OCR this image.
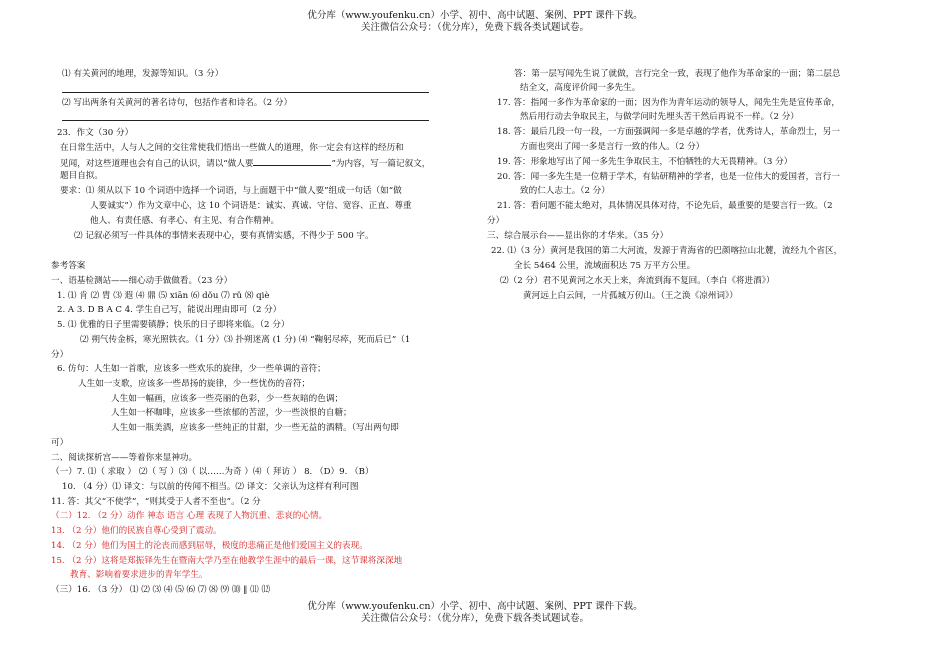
优分库（www.youfenku.cn）小学、初中、高中试题、案例、PPT 课件下载。
关注微信公众号：（优分库），免费下载各类试题试卷。
⑴ 有关黄河的地理，发源等知识。（3 分）
⑵ 写出两条有关黄河的著名诗句，包括作者和诗名。（2 分）
23．作文（30 分）
在日常生活中，人与人之间的交往常使我们悟出一些做人的道理，你一定会有这样的经历和
见闻，对这些道理也会有自己的认识，请以“做人要	”为内容，写一篇记叙文，
题目自拟。
要求：⑴ 须从以下 10 个词语中选择一个词语，与上面题干中“做人要”组成一句话（如“做
人要诚实”）作为文章中心，这 10 个词语是：诚实、真诚、守信、宽容、正直、尊重
他人、有责任感、有孝心、有主见、有合作精神。
⑵ 记叙必须写一件具体的事情来表现中心，要有真情实感，不得少于 500 字。
参考答案
一、语基检测站——细心动手做做看。（23 分）
1. ⑴ 肯 ⑵ 胄 ⑶ 遐 ⑷ 鼎 ⑸ xiān ⑹ dǒu ⑺ rǔ ⑻ qiè
2. A 3. D B A C 4. 学生自己写，能说出理由即可（2 分）
5. ⑴ 优雅的日子里需要镇静；快乐的日子即将来临。（2 分）
⑵ 朔气传金柝，寒光照铁衣。（1 分）⑶ 扑朔迷离 (1 分) ⑷ “鞠躬尽瘁，死而后已”（1
分）
6. 仿句：人生如一首歌，应该多一些欢乐的旋律，少一些单调的音符；
人生如一支歌，应该多一些昂扬的旋律，少一些忧伤的音符；
人生如一幅画，应该多一些亮丽的色彩，少一些灰暗的色调；
人生如一杯咖啡，应该多一些浓郁的苦涩，少一些淡恨的自糖；
人生如一瓶美酒，应该多一些纯正的甘甜，少一些无益的酒精。（写出两句即
可）
二、阅读探析宫——等着你来显神功。
（一）7. ⑴（ 求取 ） ⑵（ 写 ）⑶（ 以……为奇 ）⑷（ 拜访 ） 8. （D）9. （B）
10. （4 分）⑴ 译文：与以前的传闻不相当。⑵ 译文：父亲认为这样有利可图
11. 答：其父“不使学”，“则其受于人者不至也”。（2 分
（二）12. （2 分）动作 神态 语言 心理 表现了人物沉重、悲哀的心情。
13. （2 分）他们的民族自尊心受到了震动。
14. （2 分）他们为国土的沦丧而感到屈辱，极度的悲痛正是他们爱国主义的表现。
15. （2 分）这将是郑振铎先生在暨南大学乃至在他教学生涯中的最后一课，这节课将深深地
教育、影响着要求进步的青年学生。
（三）16. （3 分） ⑴ ⑵ ⑶ ⑷ ⑸ ⑹ ⑺ ⑻ ⑼ ⑽ ‖ ⑾ ⑿
答：第一层写闻先生说了就做，言行完全一致，表现了他作为革命家的一面；第二层总
结全文，高度评价闻一多先生。
17. 答：指闻一多作为革命家的一面；因为作为青年运动的领导人，闻先生先是宣传革命，
然后用行动去争取民主，与做学问时先埋头苦干然后再说不一样。（2 分）
18. 答：最后几段一句一段，一方面强调闻一多是卓越的学者，优秀诗人，革命烈士，另一
方面也突出了闻一多是言行一致的伟人。（2 分）
19. 答：形象地写出了闻一多先生争取民主，不怕牺牲的大无畏精神。（3 分）
20. 答：闻一多先生是一位精于学术，有钻研精神的学者，也是一位伟大的爱国者，言行一
致的仁人志士。（2 分）
21. 答：看问题不能太绝对，具体情况具体对待，不论先后，最重要的是要言行一致。（2
分）
三、综合展示台——显出你的才华来。（35 分）
22. ⑴（3 分）黄河是我国的第二大河流，发源于青海省的巴颜喀拉山北麓，流经九个省区，
全长 5464 公里，流域面积达 75 万平方公里。
⑵（2 分）君不见黄河之水天上来，奔流到海不复回。（李白《将进酒》）
黄河远上白云间，一片孤城万仞山。（王之涣《凉州词》）
优分库（www.youfenku.cn）小学、初中、高中试题、案例、PPT 课件下载。
关注微信公众号：（优分库），免费下载各类试题试卷。
